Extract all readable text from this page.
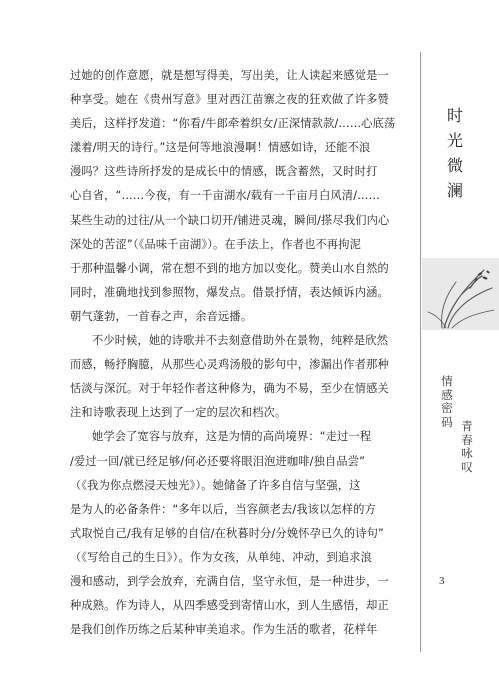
过她的创作意愿，就是想写得美，写出美，让人读起来感觉是一
种享受。她在《贵州写意》里对西江苗寨之夜的狂欢做了许多赞
美后，这样抒发道：“你看/牛郎牵着织女/正深情款款/……心底荡
漾着/明天的诗行。”这是何等地浪漫啊！情感如诗，还能不浪
漫吗？这些诗所抒发的是成长中的情感，既含蓄然，又时时打
心自省，“……今夜，有一千亩湖水/载有一千亩月白风清/……
某些生动的过往/从一个缺口切开/铺进灵魂，瞬间/搽尽我们内心
深处的苦涩”（《品味千亩湖》）。在手法上，作者也不再拘泥
于那种温馨小调，常在想不到的地方加以变化。赞美山水自然的
同时，准确地找到参照物，爆发点。借景抒情，表达倾诉内涵。
朝气蓬勃，一首春之声，余音远播。
不少时候，她的诗歌并不去刻意借助外在景物，纯粹是欣然
而感，畅抒胸臆，从那些心灵鸡汤般的影句中，渗漏出作者那种
恬淡与深沉。对于年轻作者这种修为，确为不易，至少在情感关
注和诗歌表现上达到了一定的层次和档次。
她学会了宽容与放弃，这是为情的高尚境界：“走过一程
/爱过一回/就已经足够/何必还要将眼泪泡进咖啡/独自品尝”
（《我为你点燃浸天烛光》）。她储备了许多自信与坚强，这
是为人的必备条件：“多年以后，当容颜老去/我该以怎样的方
式取悦自己/我有足够的自信/在秋暮时分/分娩怀孕已久的诗句”
（《写给自己的生日》）。作为女孩，从单纯、冲动，到追求浪
漫和感动，到学会放弃，充满自信，坚守永恒，是一种进步，一
种成熟。作为诗人，从四季感受到寄情山水，到人生感悟，却正
是我们创作历练之后某种审美追求。作为生活的歌者，花样年
时
光
微
澜
情
感
密
码 青
春
咏
叹
3
